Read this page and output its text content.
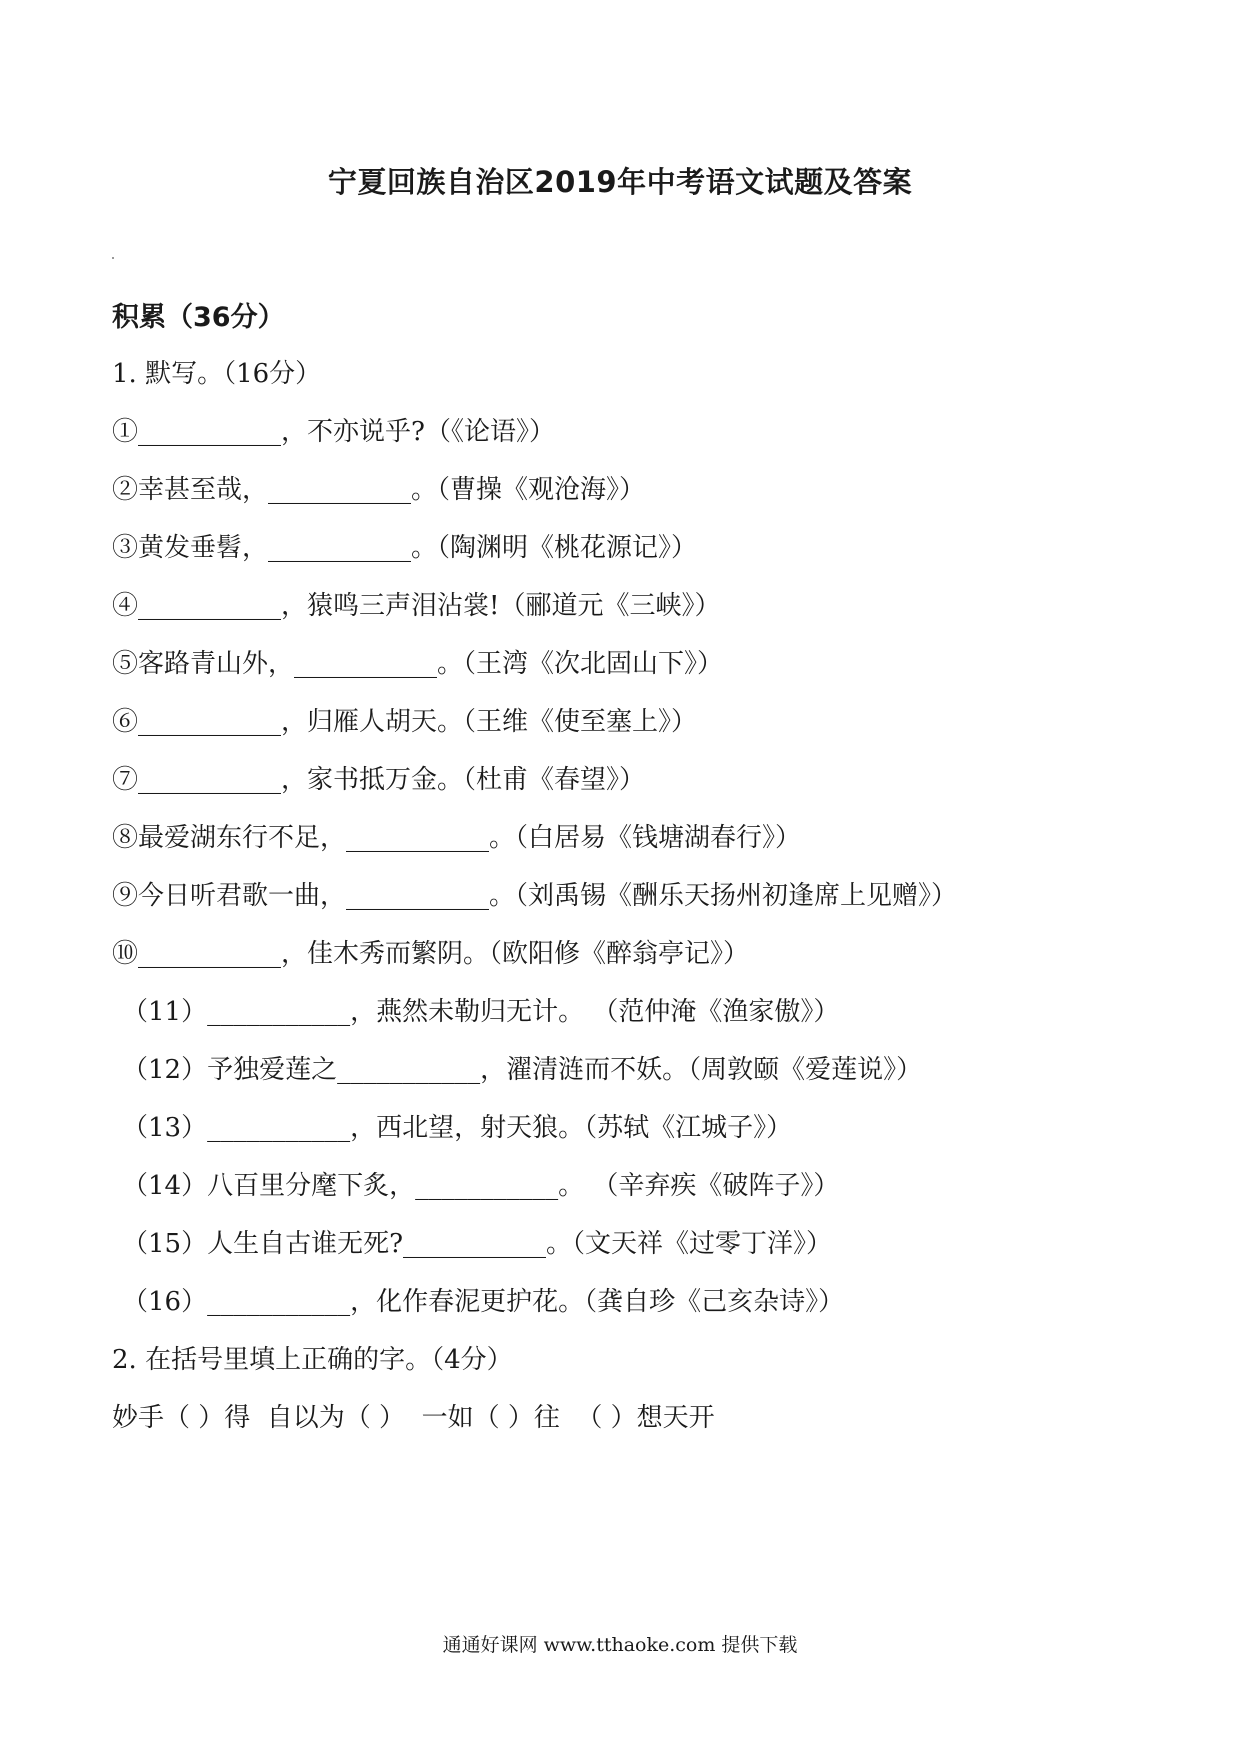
宁夏回族自治区2019年中考语文试题及答案
积累（36分）
1. 默写。（16分）
①___________，不亦说乎?（《论语》）
②幸甚至哉，___________。（曹操《观沧海》）
③黄发垂髫，___________。（陶渊明《桃花源记》）
④___________，猿鸣三声泪沾裳!（郦道元《三峡》）
⑤客路青山外，___________。（王湾《次北固山下》）
⑥___________，归雁人胡天。（王维《使至塞上》）
⑦___________，家书抵万金。（杜甫《春望》）
⑧最爱湖东行不足，___________。（白居易《钱塘湖春行》）
⑨今日听君歌一曲，___________。（刘禹锡《酬乐天扬州初逢席上见赠》）
⑩___________，佳木秀而繁阴。（欧阳修《醉翁亭记》）
（11）___________，燕然未勒归无计。 （范仲淹《渔家傲》）
（12）予独爱莲之___________，濯清涟而不妖。（周敦颐《爱莲说》）
（13）___________，西北望，射天狼。（苏轼《江城子》）
（14）八百里分麾下炙，___________。 （辛弃疾《破阵子》）
（15）人生自古谁无死?___________。（文天祥《过零丁洋》）
（16）___________，化作春泥更护花。（龚自珍《己亥杂诗》）
2. 在括号里填上正确的字。（4分）
妙手（ ）得  自以为（ ）  一如（ ）往  （ ）想天开
通通好课网 www.tthaoke.com 提供下载
